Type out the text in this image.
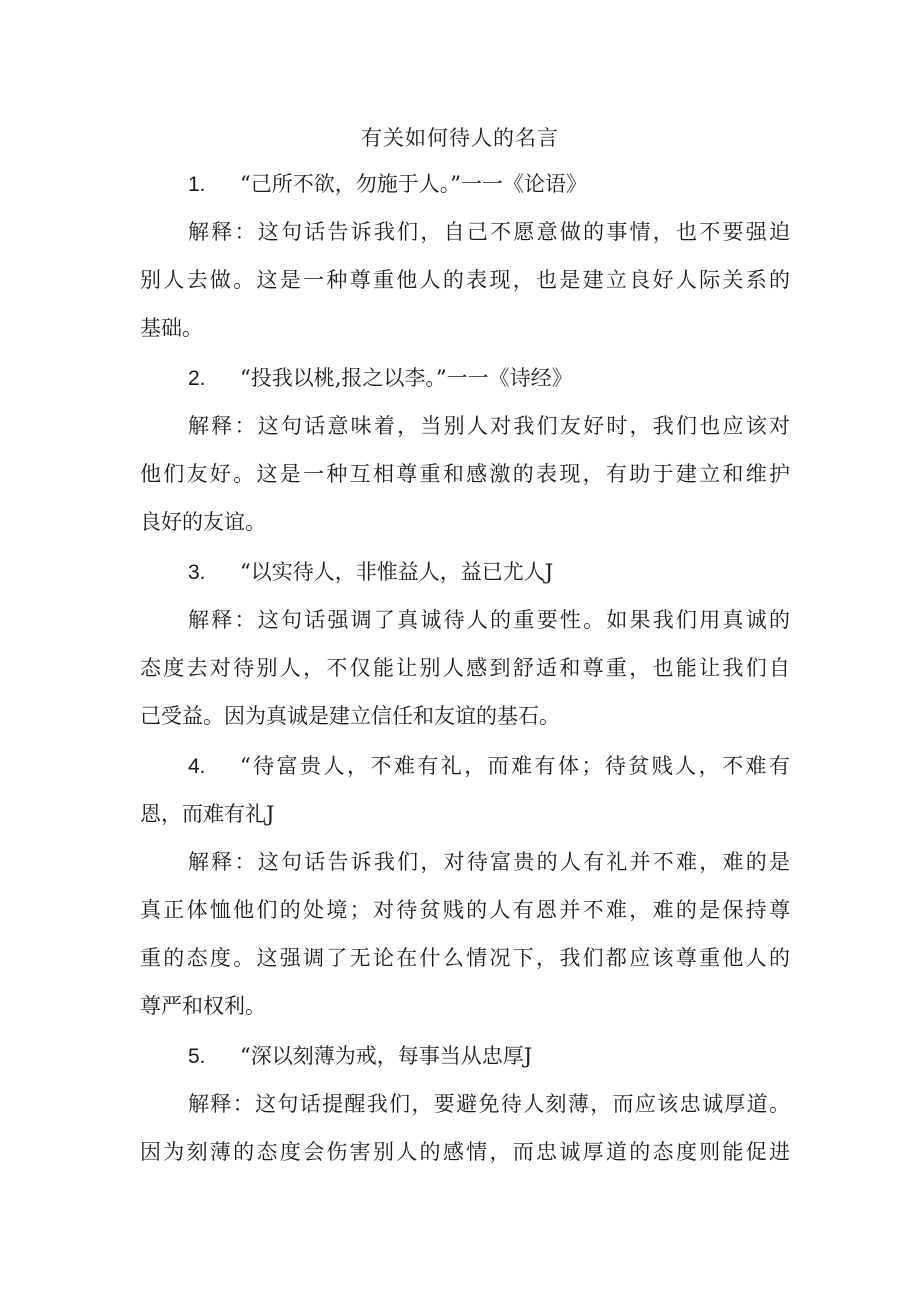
有关如何待人的名言
1. “己所不欲，勿施于人。”一一《论语》
解释：这句话告诉我们，自己不愿意做的事情，也不要强迫
别人去做。这是一种尊重他人的表现，也是建立良好人际关系的
基础。
2. “投我以桃,报之以李。”一一《诗经》
解释：这句话意味着，当别人对我们友好时，我们也应该对
他们友好。这是一种互相尊重和感激的表现，有助于建立和维护
良好的友谊。
3. “以实待人，非惟益人，益已尤人J
解释：这句话强调了真诚待人的重要性。如果我们用真诚的
态度去对待别人，不仅能让别人感到舒适和尊重，也能让我们自
己受益。因为真诚是建立信任和友谊的基石。
4. “待富贵人，不难有礼，而难有体；待贫贱人，不难有
恩，而难有礼J
解释：这句话告诉我们，对待富贵的人有礼并不难，难的是
真正体恤他们的处境；对待贫贱的人有恩并不难，难的是保持尊
重的态度。这强调了无论在什么情况下，我们都应该尊重他人的
尊严和权利。
5. “深以刻薄为戒，每事当从忠厚J
解释：这句话提醒我们，要避免待人刻薄，而应该忠诚厚道。
因为刻薄的态度会伤害别人的感情，而忠诚厚道的态度则能促进
